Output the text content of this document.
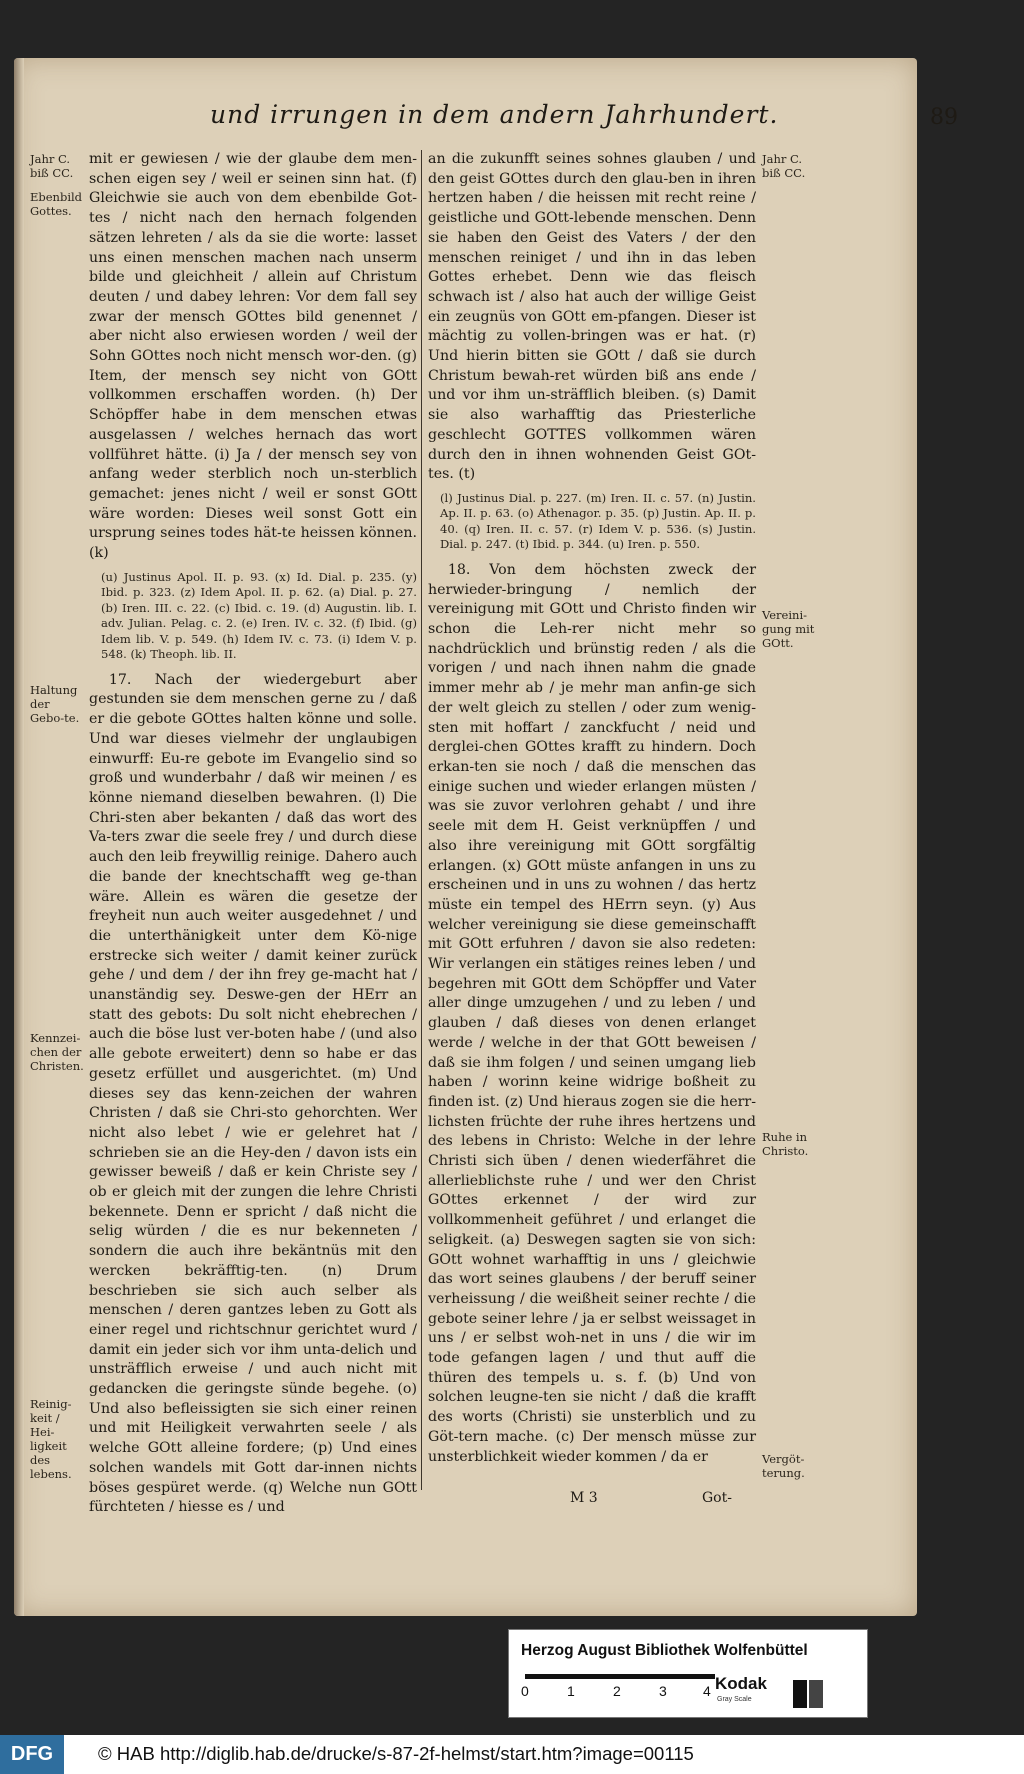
und irrungen in dem andern Jahrhundert.	89
Jahr C. biß CC.
Ebenbild Gottes.
Haltung der Gebo-te.
Kennzei-chen der Christen.
Reinig-keit / Hei-ligkeit des lebens.
Jahr C. biß CC.
Vereini-gung mit GOtt.
Ruhe in Christo.
Vergöt-terung.

mit er gewiesen / wie der glaube dem men-schen eigen sey / weil er seinen sinn hat. (f) Gleichwie sie auch von dem ebenbilde Got-tes / nicht nach den hernach folgenden sätzen lehreten / als da sie die worte: lasset uns einen menschen machen nach unserm bilde und gleichheit / allein auf Christum deuten / und dabey lehren: Vor dem fall sey zwar der mensch GOttes bild genennet / aber nicht also erwiesen worden / weil der Sohn GOttes noch nicht mensch wor-den. (g) Item, der mensch sey nicht von GOtt vollkommen erschaffen worden. (h) Der Schöpffer habe in dem menschen etwas ausgelassen / welches hernach das wort vollführet hätte. (i) Ja / der mensch sey von anfang weder sterblich noch un-sterblich gemachet: jenes nicht / weil er sonst GOtt wäre worden: Dieses weil sonst Gott ein ursprung seines todes hät-te heissen können. (k)

(u) Justinus Apol. II. p. 93. (x) Id. Dial. p. 235. (y) Ibid. p. 323. (z) Idem Apol. II. p. 62. (a) Dial. p. 27. (b) Iren. III. c. 22. (c) Ibid. c. 19. (d) Augustin. lib. I. adv. Julian. Pelag. c. 2. (e) Iren. IV. c. 32. (f) Ibid. (g) Idem lib. V. p. 549. (h) Idem IV. c. 73. (i) Idem V. p. 548. (k) Theoph. lib. II.

17. Nach der wiedergeburt aber gestunden sie dem menschen gerne zu / daß er die gebote GOttes halten könne und solle. Und war dieses vielmehr der unglaubigen einwurff: Eu-re gebote im Evangelio sind so groß und wunderbahr / daß wir meinen / es könne niemand dieselben bewahren. (l) Die Chri-sten aber bekanten / daß das wort des Va-ters zwar die seele frey / und durch diese auch den leib freywillig reinige. Dahero auch die bande der knechtschafft weg ge-than wäre. Allein es wären die gesetze der freyheit nun auch weiter ausgedehnet / und die unterthänigkeit unter dem Kö-nige erstrecke sich weiter / damit keiner zurück gehe / und dem / der ihn frey ge-macht hat / unanständig sey. Deswe-gen der HErr an statt des gebots: Du solt nicht ehebrechen / auch die böse lust ver-boten habe / (und also alle gebote erweitert) denn so habe er das gesetz erfüllet und ausgerichtet. (m) Und dieses sey das kenn-zeichen der wahren Christen / daß sie Chri-sto gehorchten. Wer nicht also lebet / wie er gelehret hat / schrieben sie an die Hey-den / davon ists ein gewisser beweiß / daß er kein Christe sey / ob er gleich mit der zungen die lehre Christi bekennete. Denn er spricht / daß nicht die selig würden / die es nur bekenneten / sondern die auch ihre bekäntnüs mit den wercken bekräfftig-ten. (n) Drum beschrieben sie sich auch selber als menschen / deren gantzes leben zu Gott als einer regel und richtschnur gerichtet wurd / damit ein jeder sich vor ihm unta-delich und unsträfflich erweise / und auch nicht mit gedancken die geringste sünde begehe. (o) Und also befleissigten sie sich einer reinen und mit Heiligkeit verwahrten seele / als welche GOtt alleine fordere; (p) Und eines solchen wandels mit Gott dar-innen nichts böses gespüret werde. (q) Welche nun GOtt fürchteten / hiesse es / und

an die zukunfft seines sohnes glauben / und den geist GOttes durch den glau-ben in ihren hertzen haben / die heissen mit recht reine / geistliche und GOtt-lebende menschen. Denn sie haben den Geist des Vaters / der den menschen reiniget / und ihn in das leben Gottes erhebet. Denn wie das fleisch schwach ist / also hat auch der willige Geist ein zeugnüs von GOtt em-pfangen. Dieser ist mächtig zu vollen-bringen was er hat. (r) Und hierin bitten sie GOtt / daß sie durch Christum bewah-ret würden biß ans ende / und vor ihm un-sträfflich bleiben. (s) Damit sie also warhafftig das Priesterliche geschlecht GOTTES vollkommen wären durch den in ihnen wohnenden Geist GOt-tes. (t)

(l) Justinus Dial. p. 227. (m) Iren. II. c. 57. (n) Justin. Ap. II. p. 63. (o) Athenagor. p. 35. (p) Justin. Ap. II. p. 40. (q) Iren. II. c. 57. (r) Idem V. p. 536. (s) Justin. Dial. p. 247. (t) Ibid. p. 344. (u) Iren. p. 550.

18. Von dem höchsten zweck der herwieder-bringung / nemlich der vereinigung mit GOtt und Christo finden wir schon die Leh-rer nicht mehr so nachdrücklich und brünstig reden / als die vorigen / und nach ihnen nahm die gnade immer mehr ab / je mehr man anfin-ge sich der welt gleich zu stellen / oder zum wenig-sten mit hoffart / zanckfucht / neid und derglei-chen GOttes krafft zu hindern. Doch erkan-ten sie noch / daß die menschen das einige suchen und wieder erlangen müsten / was sie zuvor verlohren gehabt / und ihre seele mit dem H. Geist verknüpffen / und also ihre vereinigung mit GOtt sorgfältig erlangen. (x) GOtt müste anfangen in uns zu erscheinen und in uns zu wohnen / das hertz müste ein tempel des HErrn seyn. (y) Aus welcher vereinigung sie diese gemeinschafft mit GOtt erfuhren / davon sie also redeten: Wir verlangen ein stätiges reines leben / und begehren mit GOtt dem Schöpffer und Vater aller dinge umzugehen / und zu leben / und glauben / daß dieses von denen erlanget werde / welche in der that GOtt beweisen / daß sie ihm folgen / und seinen umgang lieb haben / worinn keine widrige boßheit zu finden ist. (z) Und hieraus zogen sie die herr-lichsten früchte der ruhe ihres hertzens und des lebens in Christo: Welche in der lehre Christi sich üben / denen wiederfähret die allerlieblichste ruhe / und wer den Christ GOttes erkennet / der wird zur vollkommenheit geführet / und erlanget die seligkeit. (a) Deswegen sagten sie von sich: GOtt wohnet warhafftig in uns / gleichwie das wort seines glaubens / der beruff seiner verheissung / die weißheit seiner rechte / die gebote seiner lehre / ja er selbst weissaget in uns / er selbst woh-net in uns / die wir im tode gefangen lagen / und thut auff die thüren des tempels u. s. f. (b) Und von solchen leugne-ten sie nicht / daß die krafft des worts (Christi) sie unsterblich und zu Göt-tern mache. (c) Der mensch müsse zur unsterblichkeit wieder kommen / da er

M 3	Got-
Herzog August Bibliothek Wolfenbüttel
0	1	2	3	4 Kodak
Gray Scale
DFG	© HAB http://diglib.hab.de/drucke/s-87-2f-helmst/start.htm?image=00115
